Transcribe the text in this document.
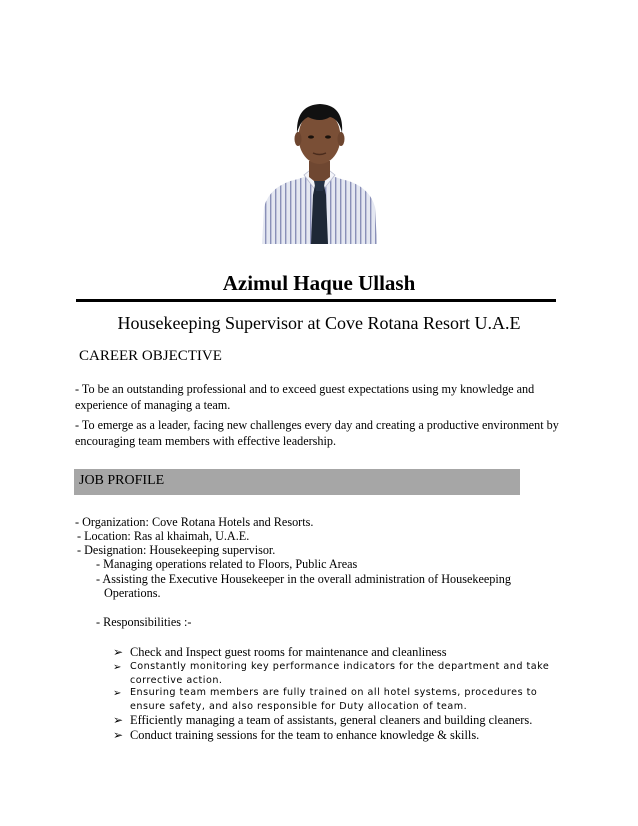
Azimul Haque Ullash
Housekeeping Supervisor at Cove Rotana Resort U.A.E
CAREER OBJECTIVE
- To be an outstanding professional and to exceed guest expectations using my knowledge and experience of managing a team.
- To emerge as a leader, facing new challenges every day and creating a productive environment by encouraging team members with effective leadership.
JOB PROFILE
- Organization: Cove Rotana Hotels and Resorts.
- Location: Ras al khaimah, U.A.E.
- Designation: Housekeeping supervisor.
- Managing operations related to Floors, Public Areas
- Assisting the Executive Housekeeper in the overall administration of Housekeeping
Operations.
- Responsibilities :-
➢ Check and Inspect guest rooms for maintenance and cleanliness
➢ Constantly monitoring key performance indicators for the department and take corrective action.
➢ Ensuring team members are fully trained on all hotel systems, procedures to ensure safety, and also responsible for Duty allocation of team.
➢ Efficiently managing a team of assistants, general cleaners and building cleaners.
➢ Conduct training sessions for the team to enhance knowledge & skills.
